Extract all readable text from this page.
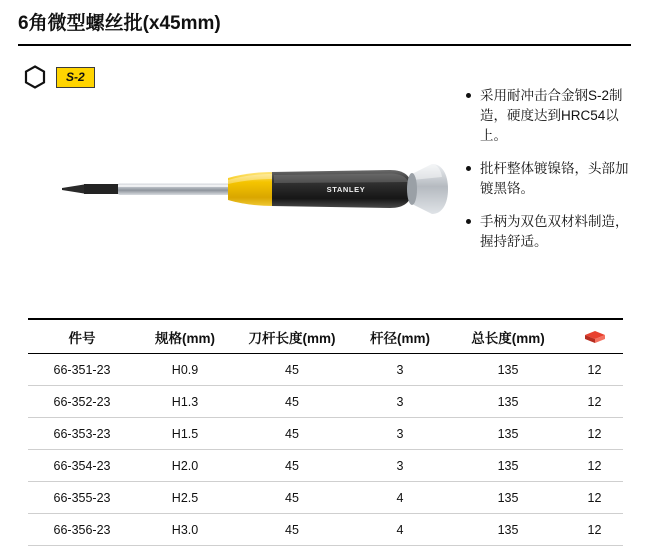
6角微型螺丝批(x45mm)
S-2
采用耐冲击合金钢S-2制造，硬度达到HRC54以上。
批杆整体镀镍铬，头部加镀黑铬。
手柄为双色双材料制造，握持舒适。
STANLEY
件号	规格(mm)	刀杆长度(mm)	杆径(mm)	总长度(mm)	
66-351-23	H0.9	45	3	135	12
66-352-23	H1.3	45	3	135	12
66-353-23	H1.5	45	3	135	12
66-354-23	H2.0	45	3	135	12
66-355-23	H2.5	45	4	135	12
66-356-23	H3.0	45	4	135	12
